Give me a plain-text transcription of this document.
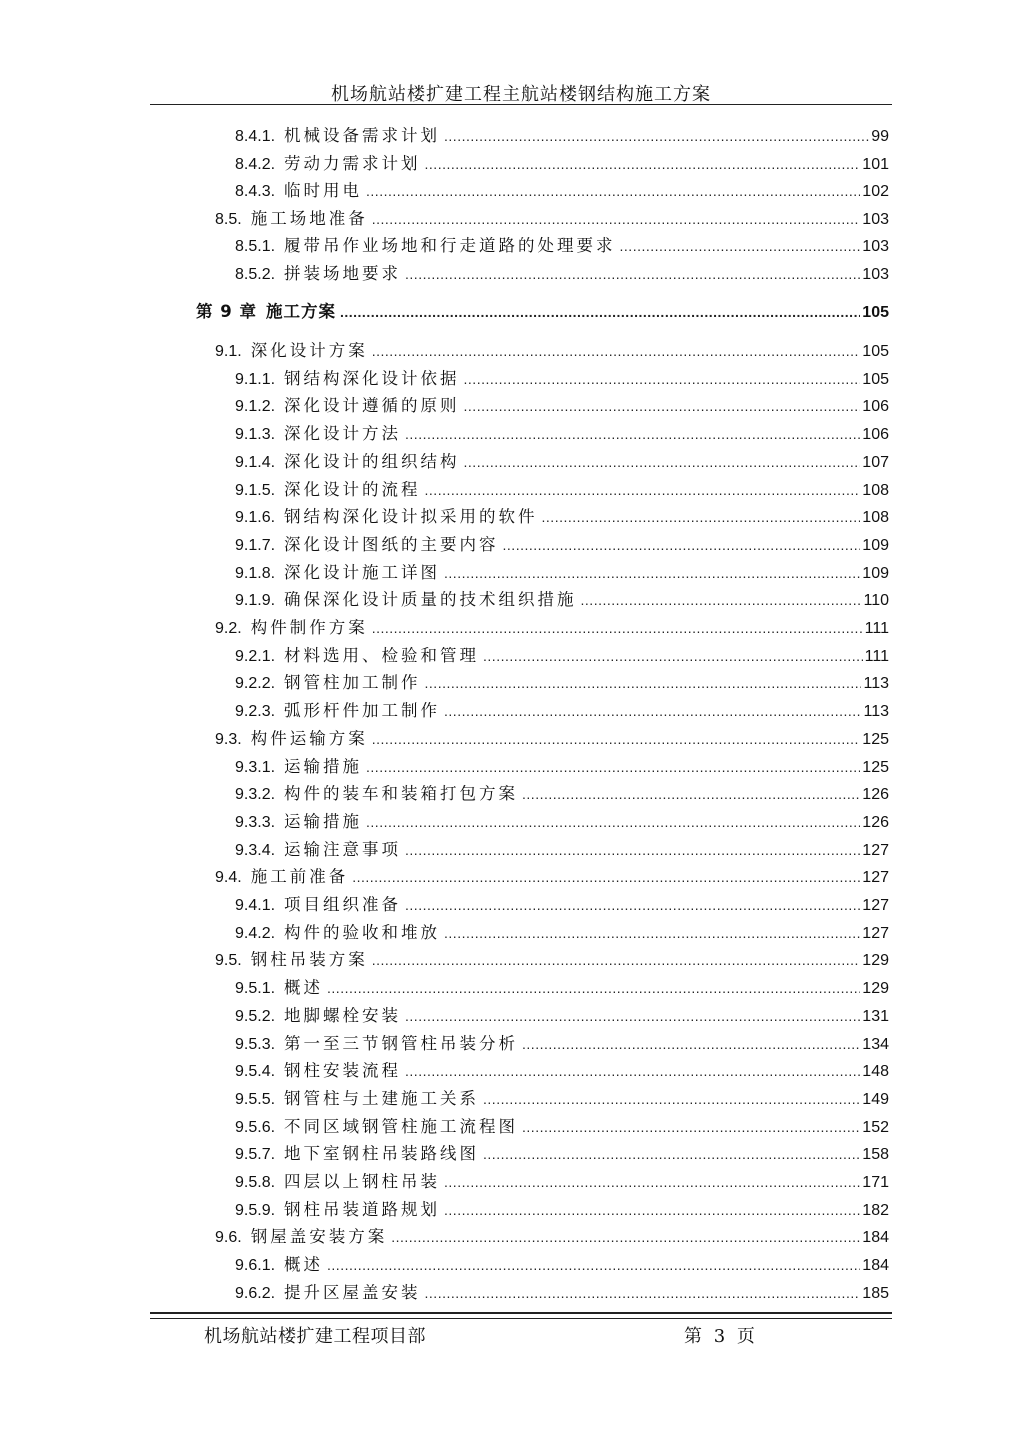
机场航站楼扩建工程主航站楼钢结构施工方案
8.4.1. 机械设备需求计划 .....	99
8.4.2. 劳动力需求计划 .....	101
8.4.3. 临时用电 .....	102
8.5. 施工场地准备 .....	103
8.5.1. 履带吊作业场地和行走道路的处理要求 .....	103
8.5.2. 拼装场地要求 .....	103
第 9 章 施工方案 .....	105
9.1. 深化设计方案 .....	105
9.1.1. 钢结构深化设计依据 .....	105
9.1.2. 深化设计遵循的原则 .....	106
9.1.3. 深化设计方法 .....	106
9.1.4. 深化设计的组织结构 .....	107
9.1.5. 深化设计的流程 .....	108
9.1.6. 钢结构深化设计拟采用的软件 .....	108
9.1.7. 深化设计图纸的主要内容 .....	109
9.1.8. 深化设计施工详图 .....	109
9.1.9. 确保深化设计质量的技术组织措施 .....	110
9.2. 构件制作方案 .....	111
9.2.1. 材料选用、检验和管理 .....	111
9.2.2. 钢管柱加工制作 .....	113
9.2.3. 弧形杆件加工制作 .....	113
9.3. 构件运输方案 .....	125
9.3.1. 运输措施 .....	125
9.3.2. 构件的装车和装箱打包方案 .....	126
9.3.3. 运输措施 .....	126
9.3.4. 运输注意事项 .....	127
9.4. 施工前准备 .....	127
9.4.1. 项目组织准备 .....	127
9.4.2. 构件的验收和堆放 .....	127
9.5. 钢柱吊装方案 .....	129
9.5.1. 概述 .....	129
9.5.2. 地脚螺栓安装 .....	131
9.5.3. 第一至三节钢管柱吊装分析 .....	134
9.5.4. 钢柱安装流程 .....	148
9.5.5. 钢管柱与土建施工关系 .....	149
9.5.6. 不同区域钢管柱施工流程图 .....	152
9.5.7. 地下室钢柱吊装路线图 .....	158
9.5.8. 四层以上钢柱吊装 .....	171
9.5.9. 钢柱吊装道路规划 .....	182
9.6. 钢屋盖安装方案 .....	184
9.6.1. 概述 .....	184
9.6.2. 提升区屋盖安装 .....	185
机场航站楼扩建工程项目部	第 3 页
